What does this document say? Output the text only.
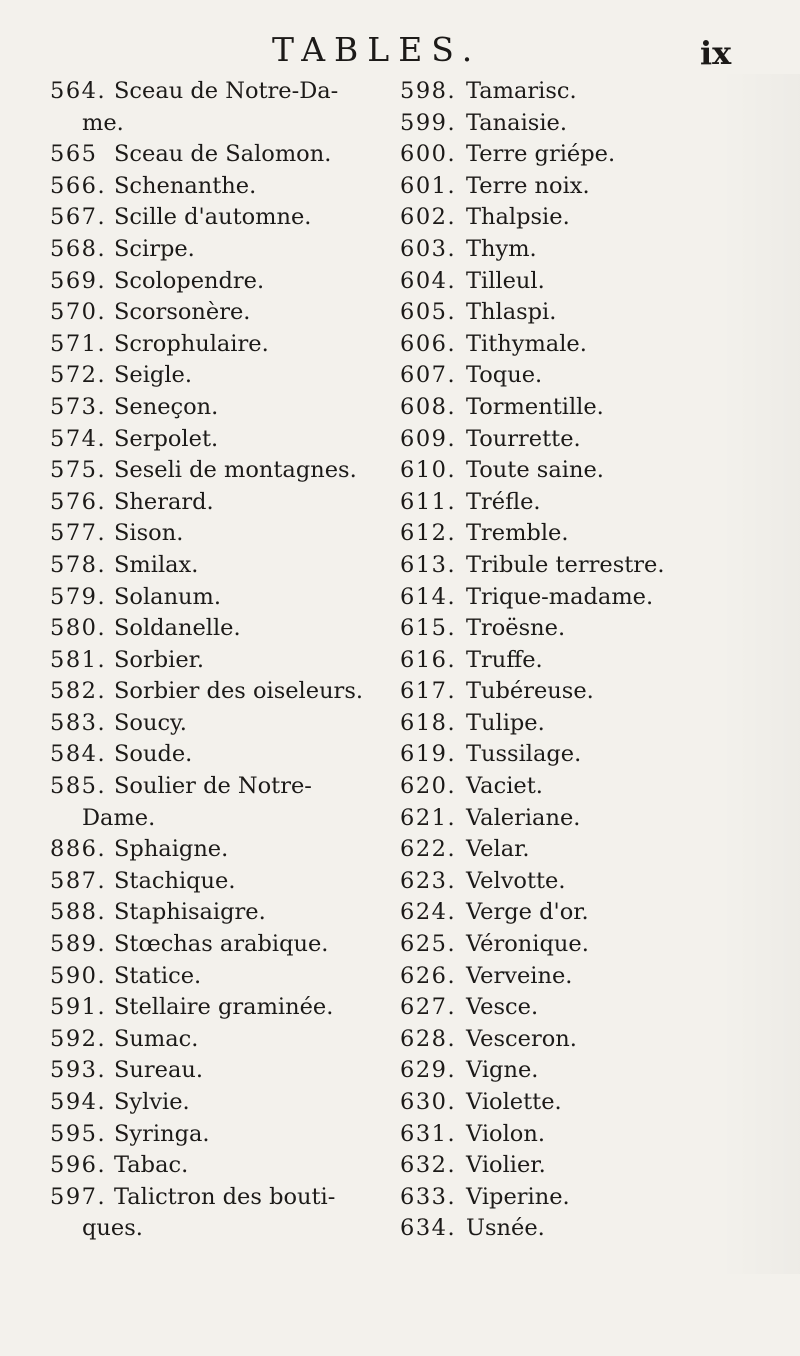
TABLES.	ix
564. Sceau de Notre-Da-
me.
565 Sceau de Salomon.
566. Schenanthe.
567. Scille d'automne.
568. Scirpe.
569. Scolopendre.
570. Scorsonère.
571. Scrophulaire.
572. Seigle.
573. Seneçon.
574. Serpolet.
575. Seseli de montagnes.
576. Sherard.
577. Sison.
578. Smilax.
579. Solanum.
580. Soldanelle.
581. Sorbier.
582. Sorbier des oiseleurs.
583. Soucy.
584. Soude.
585. Soulier de Notre-
Dame.
886. Sphaigne.
587. Stachique.
588. Staphisaigre.
589. Stœchas arabique.
590. Statice.
591. Stellaire graminée.
592. Sumac.
593. Sureau.
594. Sylvie.
595. Syringa.
596. Tabac.
597. Talictron des bouti-
ques.
598. Tamarisc.
599. Tanaisie.
600. Terre griépe.
601. Terre noix.
602. Thalpsie.
603. Thym.
604. Tilleul.
605. Thlaspi.
606. Tithymale.
607. Toque.
608. Tormentille.
609. Tourrette.
610. Toute saine.
611. Tréfle.
612. Tremble.
613. Tribule terrestre.
614. Trique-madame.
615. Troësne.
616. Truffe.
617. Tubéreuse.
618. Tulipe.
619. Tussilage.
620. Vaciet.
621. Valeriane.
622. Velar.
623. Velvotte.
624. Verge d'or.
625. Véronique.
626. Verveine.
627. Vesce.
628. Vesceron.
629. Vigne.
630. Violette.
631. Violon.
632. Violier.
633. Viperine.
634. Usnée.
